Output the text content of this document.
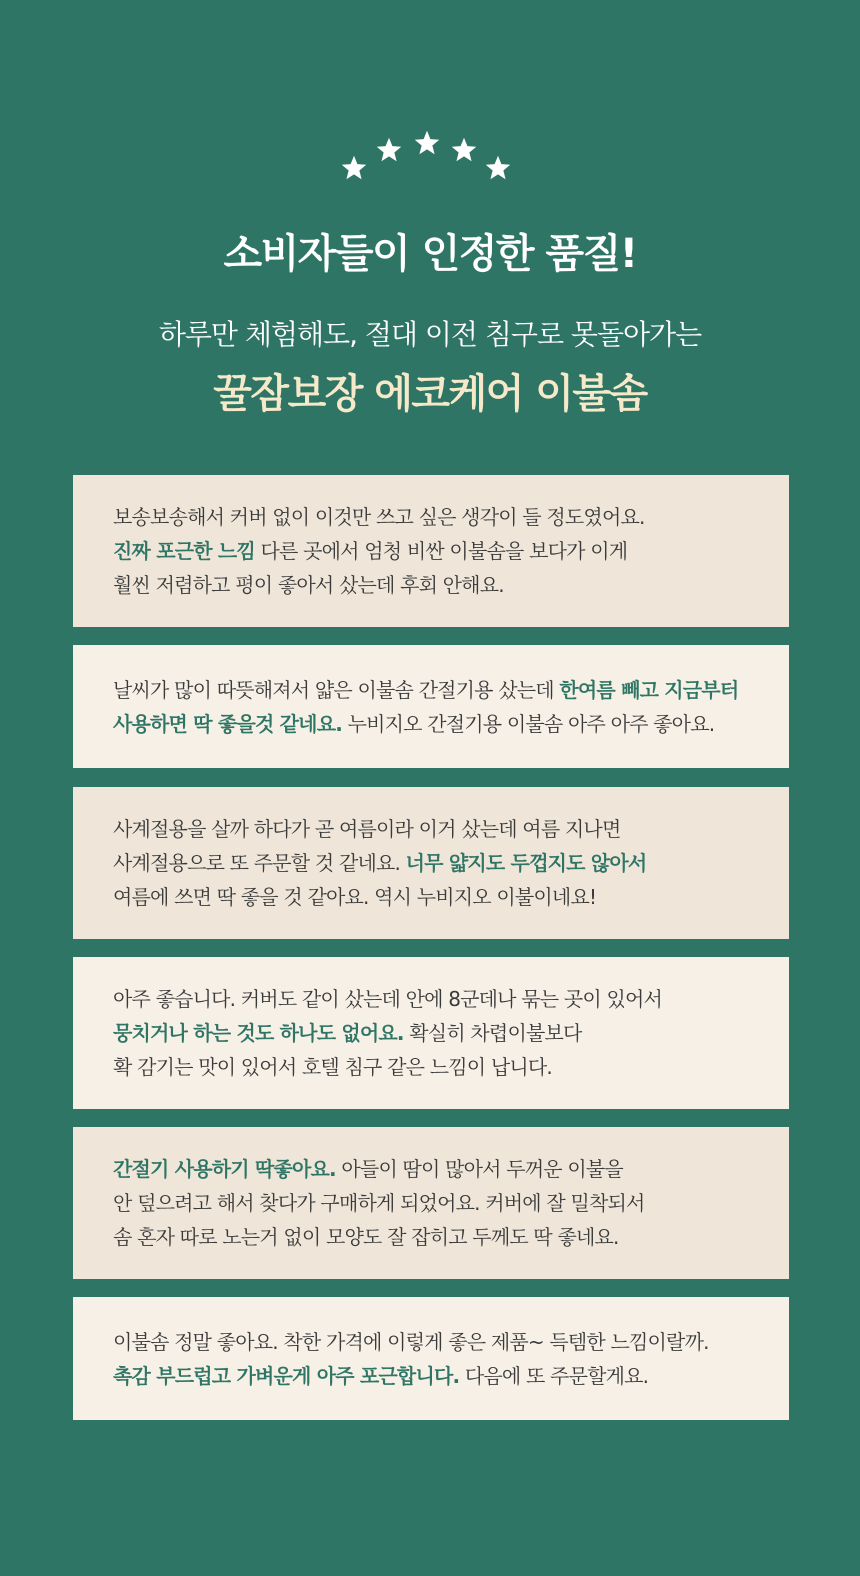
소비자들이 인정한 품질!
하루만 체험해도, 절대 이전 침구로 못돌아가는
꿀잠보장 에코케어 이불솜
보송보송해서 커버 없이 이것만 쓰고 싶은 생각이 들 정도였어요.
진짜 포근한 느낌 다른 곳에서 엄청 비싼 이불솜을 보다가 이게
훨씬 저렴하고 평이 좋아서 샀는데 후회 안해요.
날씨가 많이 따뜻해져서 얇은 이불솜 간절기용 샀는데 한여름 빼고 지금부터
사용하면 딱 좋을것 같네요. 누비지오 간절기용 이불솜 아주 아주 좋아요.
사계절용을 살까 하다가 곧 여름이라 이거 샀는데 여름 지나면
사계절용으로 또 주문할 것 같네요. 너무 얇지도 두껍지도 않아서
여름에 쓰면 딱 좋을 것 같아요. 역시 누비지오 이불이네요!
아주 좋습니다. 커버도 같이 샀는데 안에 8군데나 묶는 곳이 있어서
뭉치거나 하는 것도 하나도 없어요. 확실히 차렵이불보다
확 감기는 맛이 있어서 호텔 침구 같은 느낌이 납니다.
간절기 사용하기 딱좋아요. 아들이 땀이 많아서 두꺼운 이불을
안 덮으려고 해서 찾다가 구매하게 되었어요. 커버에 잘 밀착되서
솜 혼자 따로 노는거 없이 모양도 잘 잡히고 두께도 딱 좋네요.
이불솜 정말 좋아요. 착한 가격에 이렇게 좋은 제품~ 득템한 느낌이랄까.
촉감 부드럽고 가벼운게 아주 포근합니다. 다음에 또 주문할게요.
